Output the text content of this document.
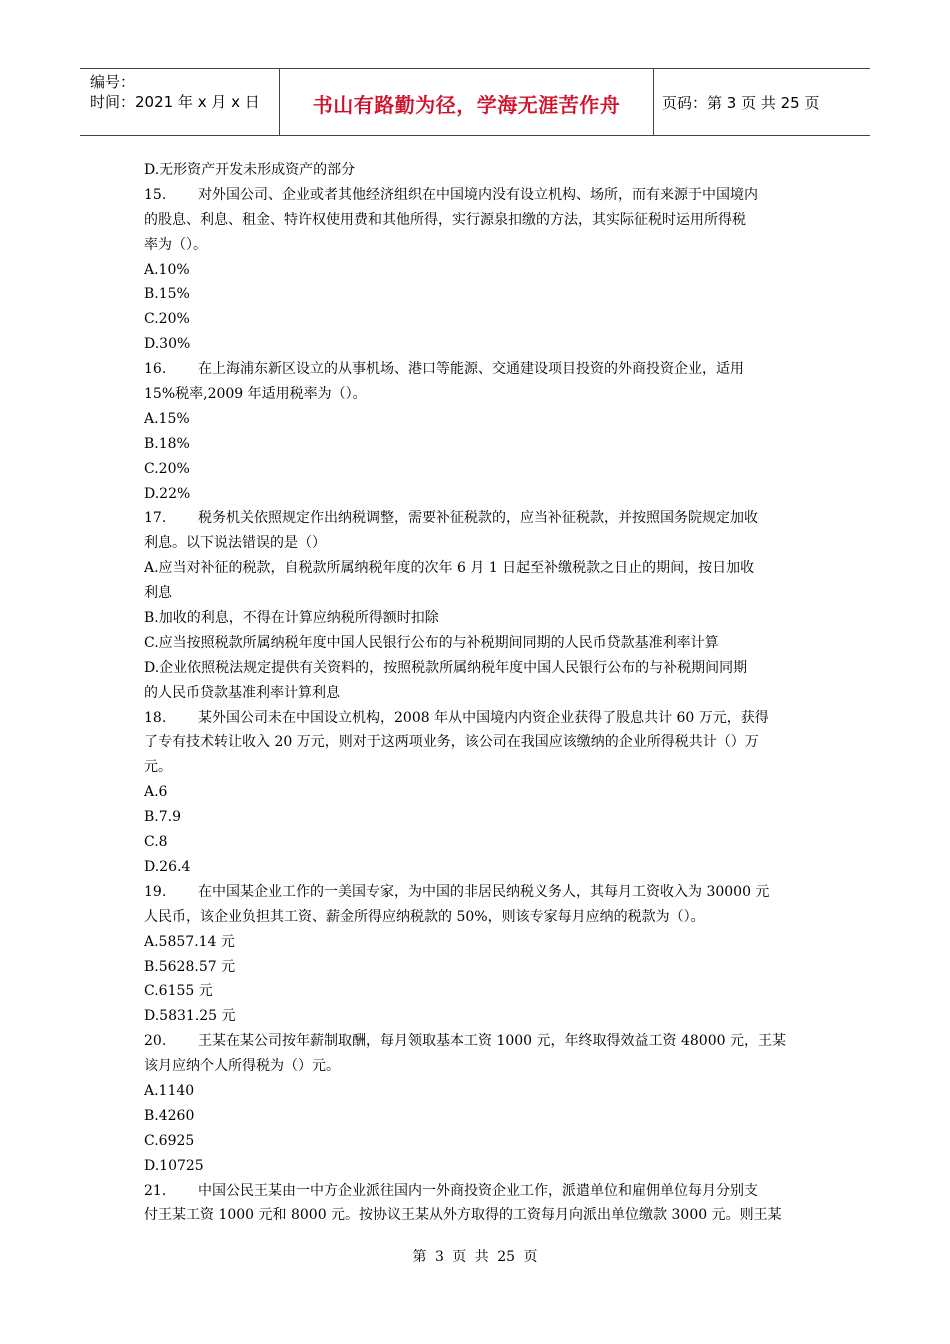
编号：
时间：2021 年 x 月 x 日	书山有路勤为径，学海无涯苦作舟	页码：第 3 页 共 25 页
D.无形资产开发未形成资产的部分
15. 对外国公司、企业或者其他经济组织在中国境内没有设立机构、场所，而有来源于中国境内
的股息、利息、租金、特许权使用费和其他所得，实行源泉扣缴的方法，其实际征税时运用所得税
率为（）。
A.10%
B.15%
C.20%
D.30%
16. 在上海浦东新区设立的从事机场、港口等能源、交通建设项目投资的外商投资企业，适用
15%税率,2009 年适用税率为（）。
A.15%
B.18%
C.20%
D.22%
17. 税务机关依照规定作出纳税调整，需要补征税款的，应当补征税款，并按照国务院规定加收
利息。以下说法错误的是（）
A.应当对补征的税款，自税款所属纳税年度的次年 6 月 1 日起至补缴税款之日止的期间，按日加收
利息
B.加收的利息，不得在计算应纳税所得额时扣除
C.应当按照税款所属纳税年度中国人民银行公布的与补税期间同期的人民币贷款基准利率计算
D.企业依照税法规定提供有关资料的，按照税款所属纳税年度中国人民银行公布的与补税期间同期
的人民币贷款基准利率计算利息
18. 某外国公司未在中国设立机构，2008 年从中国境内内资企业获得了股息共计 60 万元，获得
了专有技术转让收入 20 万元，则对于这两项业务，该公司在我国应该缴纳的企业所得税共计（）万
元。
A.6
B.7.9
C.8
D.26.4
19. 在中国某企业工作的一美国专家，为中国的非居民纳税义务人，其每月工资收入为 30000 元
人民币，该企业负担其工资、薪金所得应纳税款的 50%，则该专家每月应纳的税款为（）。
A.5857.14 元
B.5628.57 元
C.6155 元
D.5831.25 元
20. 王某在某公司按年薪制取酬，每月领取基本工资 1000 元，年终取得效益工资 48000 元，王某
该月应纳个人所得税为（）元。
A.1140
B.4260
C.6925
D.10725
21. 中国公民王某由一中方企业派往国内一外商投资企业工作，派遣单位和雇佣单位每月分别支
付王某工资 1000 元和 8000 元。按协议王某从外方取得的工资每月向派出单位缴款 3000 元。则王某
第 3 页 共 25 页
